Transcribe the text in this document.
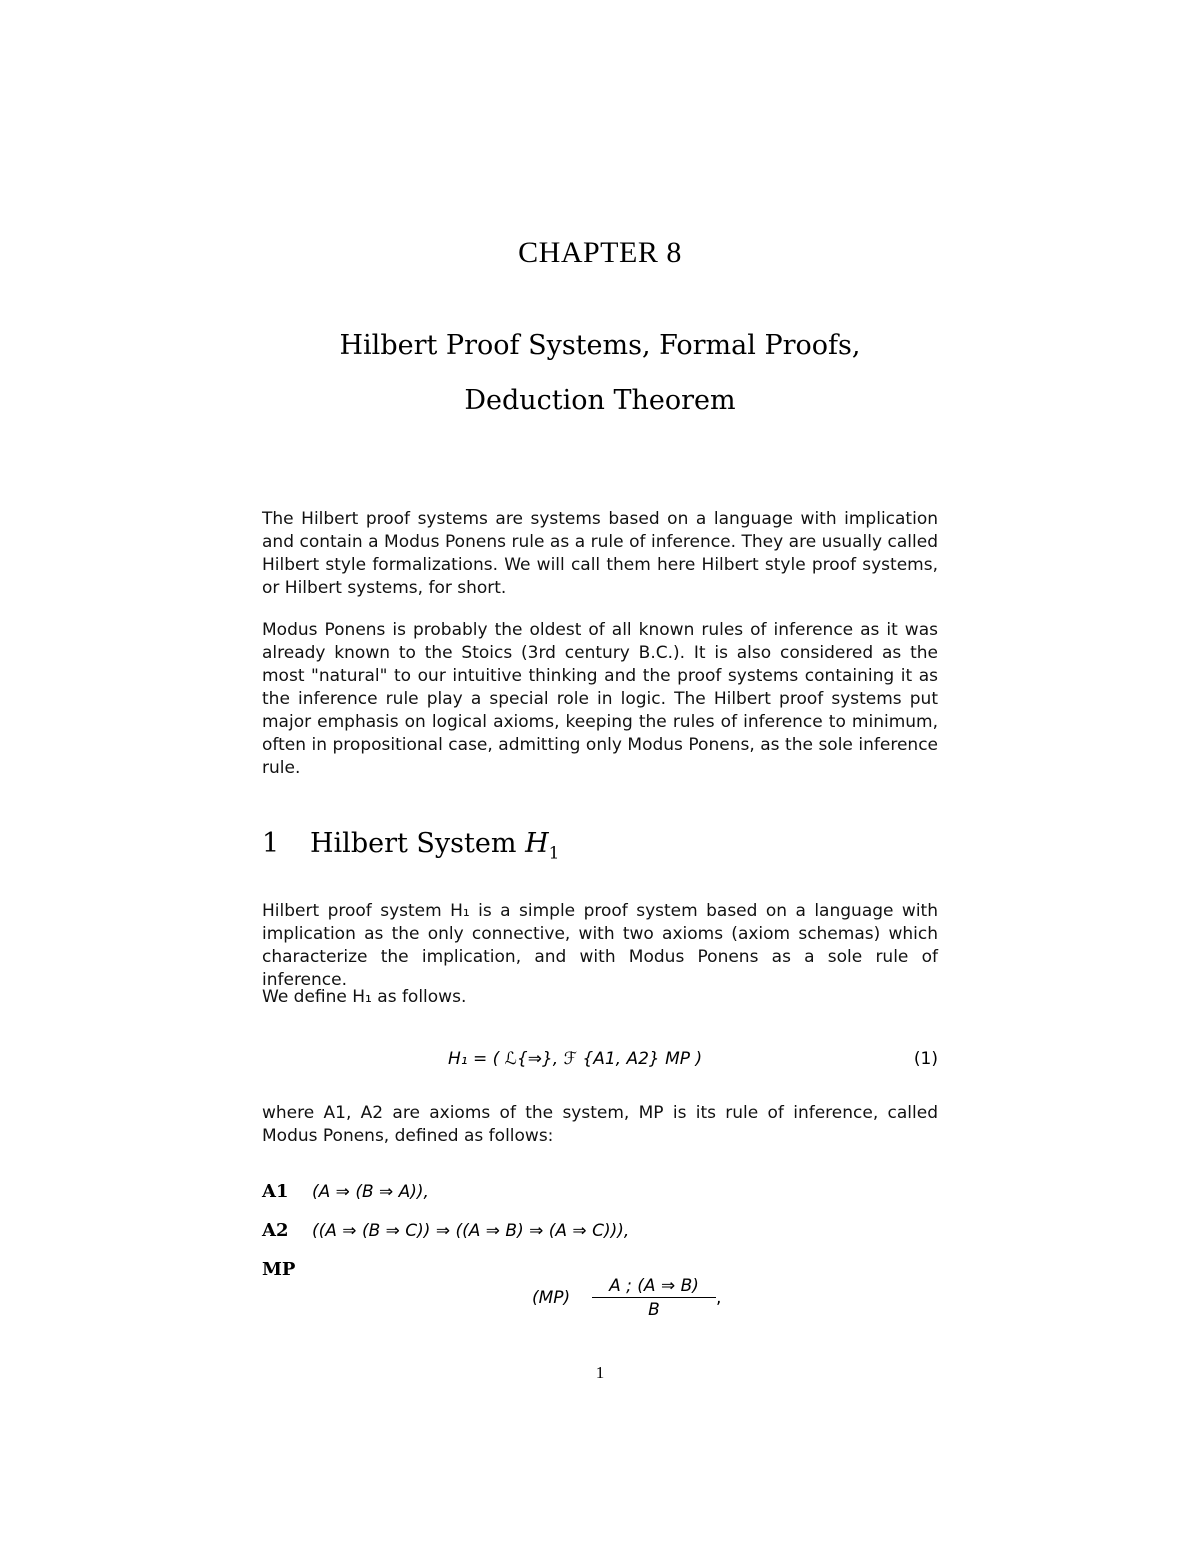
CHAPTER 8
Hilbert Proof Systems, Formal Proofs,
Deduction Theorem
The Hilbert proof systems are systems based on a language with implication and contain a Modus Ponens rule as a rule of inference. They are usually called Hilbert style formalizations. We will call them here Hilbert style proof systems, or Hilbert systems, for short.
Modus Ponens is probably the oldest of all known rules of inference as it was already known to the Stoics (3rd century B.C.). It is also considered as the most "natural" to our intuitive thinking and the proof systems containing it as the inference rule play a special role in logic. The Hilbert proof systems put major emphasis on logical axioms, keeping the rules of inference to minimum, often in propositional case, admitting only Modus Ponens, as the sole inference rule.
1 Hilbert System $H_1$
Hilbert proof system H₁ is a simple proof system based on a language with implication as the only connective, with two axioms (axiom schemas) which characterize the implication, and with Modus Ponens as a sole rule of inference.
We define H₁ as follows.
H₁ = ( ℒ{⇒}, ℱ {A1, A2} MP )	(1)
where A1, A2 are axioms of the system, MP is its rule of inference, called Modus Ponens, defined as follows:
A1 (A ⇒ (B ⇒ A)),
A2 ((A ⇒ (B ⇒ C)) ⇒ ((A ⇒ B) ⇒ (A ⇒ C))),
MP
$(MP) \frac{A ; (A \Rightarrow B)}{B}$ ,
1
